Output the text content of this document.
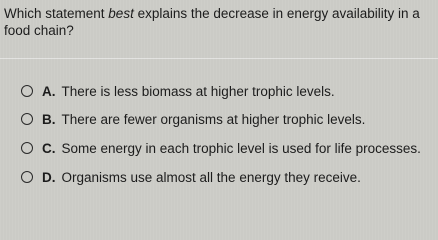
Which statement best explains the decrease in energy availability in a food chain?

A. There is less biomass at higher trophic levels.
B. There are fewer organisms at higher trophic levels.
C. Some energy in each trophic level is used for life processes.
D. Organisms use almost all the energy they receive.
